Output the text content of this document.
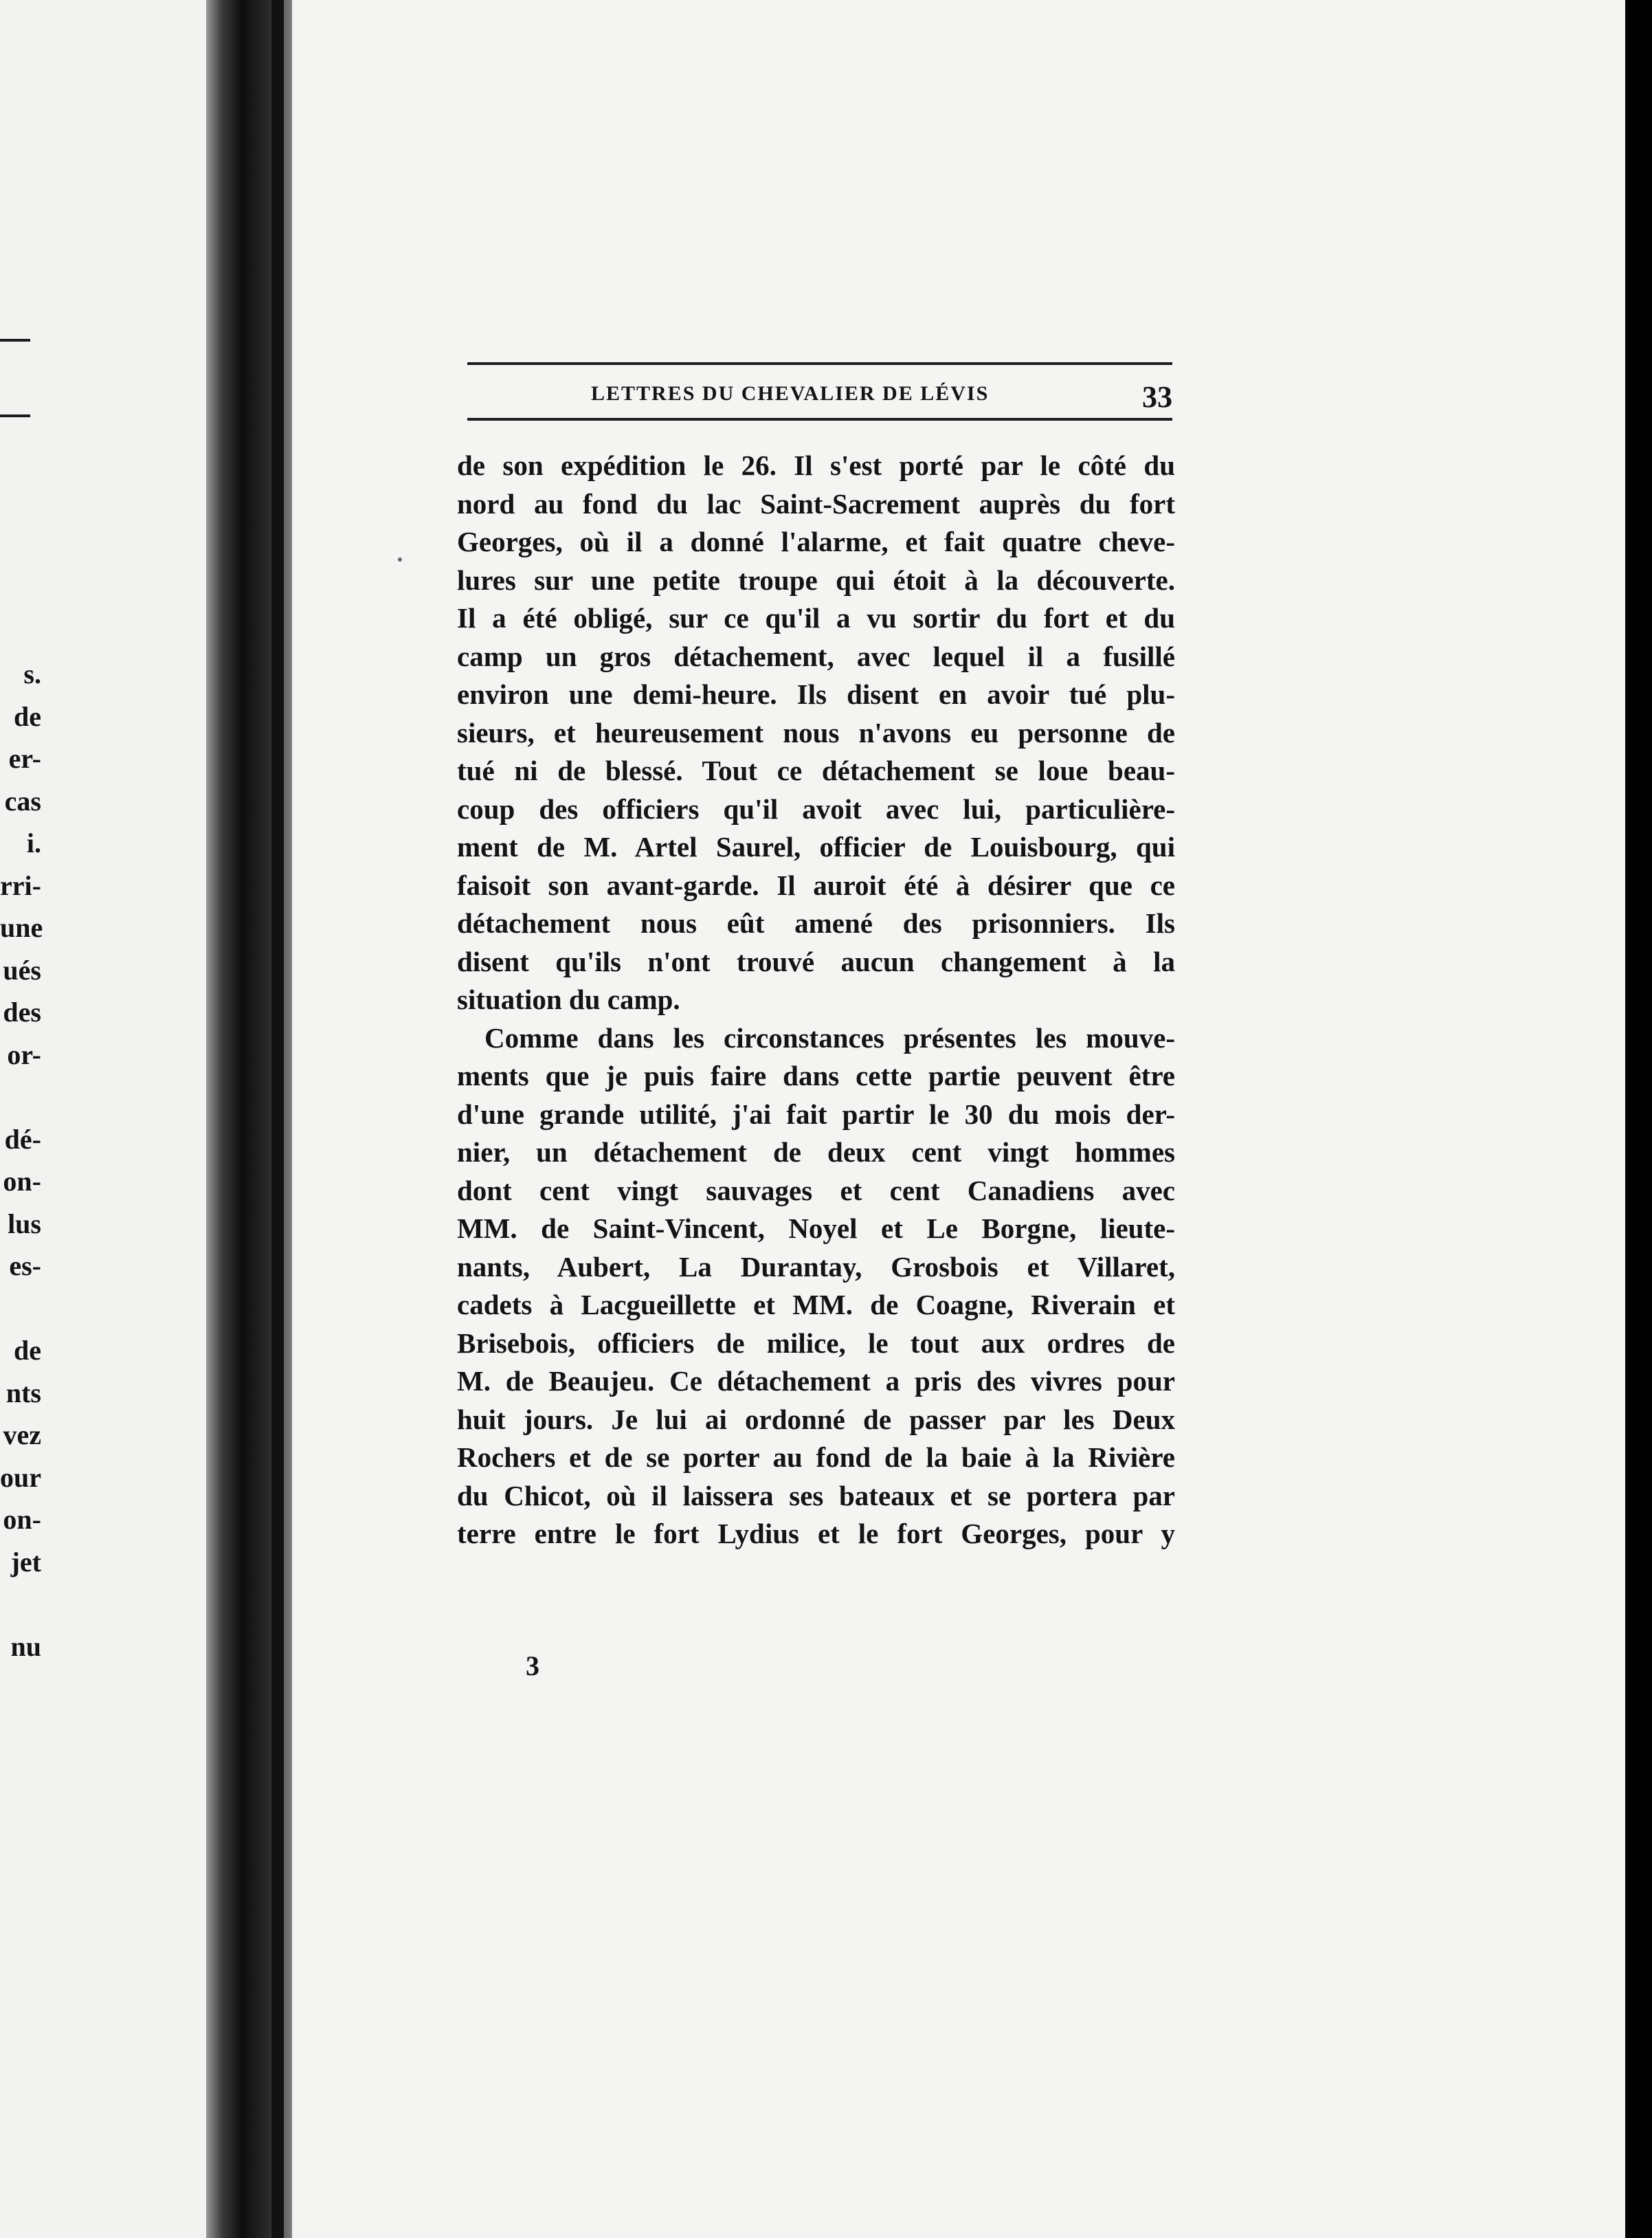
s.
de
er-
cas
i.
rri-
une
ués
des
or-
dé-
on-
lus
es-
de
nts
vez
our
on-
jet
nu
LETTRES DU CHEVALIER DE LÉVIS	33
de son expédition le 26. Il s'est porté par le côté du
nord au fond du lac Saint-Sacrement auprès du fort
Georges, où il a donné l'alarme, et fait quatre cheve-
lures sur une petite troupe qui étoit à la découverte.
Il a été obligé, sur ce qu'il a vu sortir du fort et du
camp un gros détachement, avec lequel il a fusillé
environ une demi-heure. Ils disent en avoir tué plu-
sieurs, et heureusement nous n'avons eu personne de
tué ni de blessé. Tout ce détachement se loue beau-
coup des officiers qu'il avoit avec lui, particulière-
ment de M. Artel Saurel, officier de Louisbourg, qui
faisoit son avant-garde. Il auroit été à désirer que ce
détachement nous eût amené des prisonniers. Ils
disent qu'ils n'ont trouvé aucun changement à la
situation du camp.
Comme dans les circonstances présentes les mouve-
ments que je puis faire dans cette partie peuvent être
d'une grande utilité, j'ai fait partir le 30 du mois der-
nier, un détachement de deux cent vingt hommes
dont cent vingt sauvages et cent Canadiens avec
MM. de Saint-Vincent, Noyel et Le Borgne, lieute-
nants, Aubert, La Durantay, Grosbois et Villaret,
cadets à Lacgueillette et MM. de Coagne, Riverain et
Brisebois, officiers de milice, le tout aux ordres de
M. de Beaujeu. Ce détachement a pris des vivres pour
huit jours. Je lui ai ordonné de passer par les Deux
Rochers et de se porter au fond de la baie à la Rivière
du Chicot, où il laissera ses bateaux et se portera par
terre entre le fort Lydius et le fort Georges, pour y
3
